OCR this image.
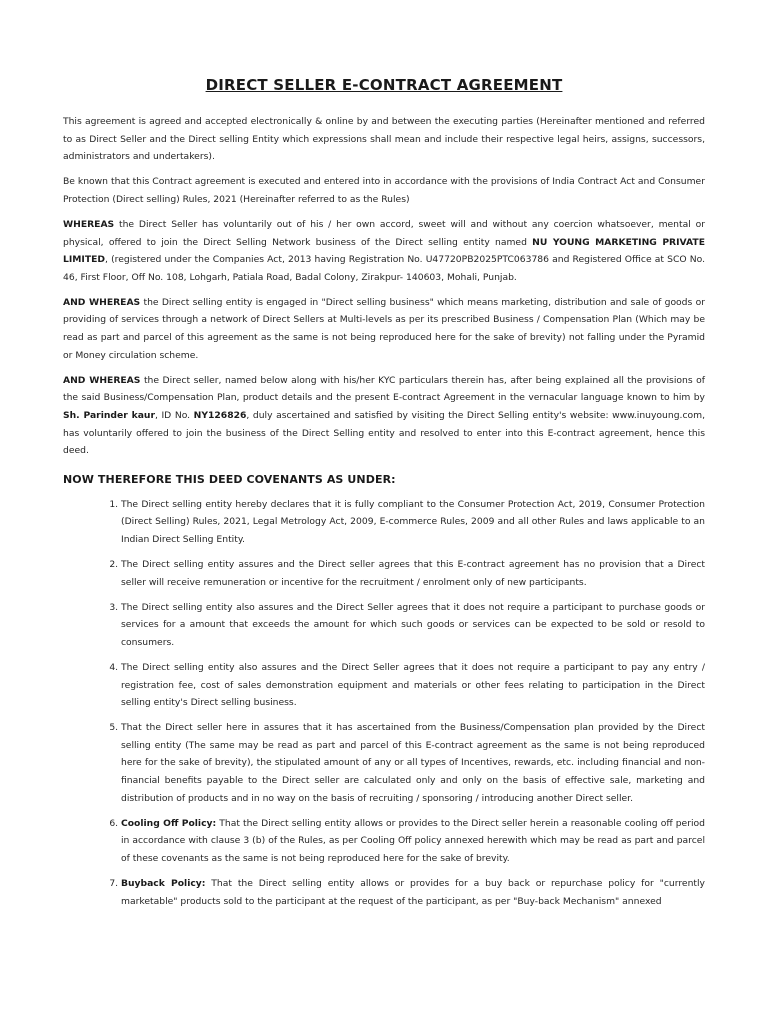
DIRECT SELLER E-CONTRACT AGREEMENT

This agreement is agreed and accepted electronically & online by and between the executing parties (Hereinafter mentioned and referred to as Direct Seller and the Direct selling Entity which expressions shall mean and include their respective legal heirs, assigns, successors, administrators and undertakers).

Be known that this Contract agreement is executed and entered into in accordance with the provisions of India Contract Act and Consumer Protection (Direct selling) Rules, 2021 (Hereinafter referred to as the Rules)

WHEREAS the Direct Seller has voluntarily out of his / her own accord, sweet will and without any coercion whatsoever, mental or physical, offered to join the Direct Selling Network business of the Direct selling entity named NU YOUNG MARKETING PRIVATE LIMITED, (registered under the Companies Act, 2013 having Registration No. U47720PB2025PTC063786 and Registered Office at SCO No. 46, First Floor, Off No. 108, Lohgarh, Patiala Road, Badal Colony, Zirakpur- 140603, Mohali, Punjab.

AND WHEREAS the Direct selling entity is engaged in "Direct selling business" which means marketing, distribution and sale of goods or providing of services through a network of Direct Sellers at Multi-levels as per its prescribed Business / Compensation Plan (Which may be read as part and parcel of this agreement as the same is not being reproduced here for the sake of brevity) not falling under the Pyramid or Money circulation scheme.

AND WHEREAS the Direct seller, named below along with his/her KYC particulars therein has, after being explained all the provisions of the said Business/Compensation Plan, product details and the present E-contract Agreement in the vernacular language known to him by Sh. Parinder kaur, ID No. NY126826, duly ascertained and satisfied by visiting the Direct Selling entity's website: www.inuyoung.com, has voluntarily offered to join the business of the Direct Selling entity and resolved to enter into this E-contract agreement, hence this deed.

NOW THEREFORE THIS DEED COVENANTS AS UNDER:
1. The Direct selling entity hereby declares that it is fully compliant to the Consumer Protection Act, 2019, Consumer Protection (Direct Selling) Rules, 2021, Legal Metrology Act, 2009, E-commerce Rules, 2009 and all other Rules and laws applicable to an Indian Direct Selling Entity.
2. The Direct selling entity assures and the Direct seller agrees that this E-contract agreement has no provision that a Direct seller will receive remuneration or incentive for the recruitment / enrolment only of new participants.
3. The Direct selling entity also assures and the Direct Seller agrees that it does not require a participant to purchase goods or services for a amount that exceeds the amount for which such goods or services can be expected to be sold or resold to consumers.
4. The Direct selling entity also assures and the Direct Seller agrees that it does not require a participant to pay any entry / registration fee, cost of sales demonstration equipment and materials or other fees relating to participation in the Direct selling entity's Direct selling business.
5. That the Direct seller here in assures that it has ascertained from the Business/Compensation plan provided by the Direct selling entity (The same may be read as part and parcel of this E-contract agreement as the same is not being reproduced here for the sake of brevity), the stipulated amount of any or all types of Incentives, rewards, etc. including financial and non-financial benefits payable to the Direct seller are calculated only and only on the basis of effective sale, marketing and distribution of products and in no way on the basis of recruiting / sponsoring / introducing another Direct seller.
6. Cooling Off Policy: That the Direct selling entity allows or provides to the Direct seller herein a reasonable cooling off period in accordance with clause 3 (b) of the Rules, as per Cooling Off policy annexed herewith which may be read as part and parcel of these covenants as the same is not being reproduced here for the sake of brevity.
7. Buyback Policy: That the Direct selling entity allows or provides for a buy back or repurchase policy for "currently marketable" products sold to the participant at the request of the participant, as per "Buy-back Mechanism" annexed
